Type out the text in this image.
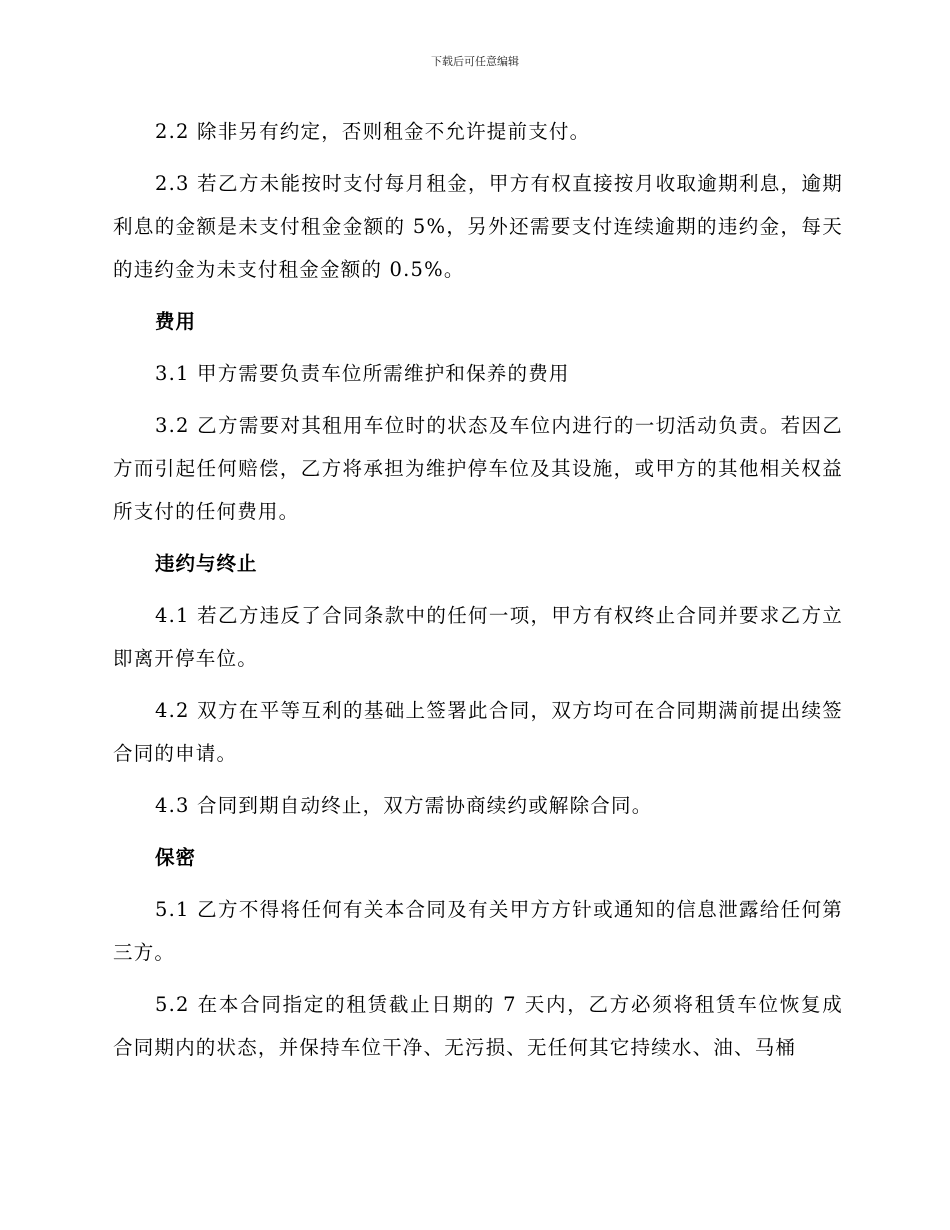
下载后可任意编辑

2.2 除非另有约定，否则租金不允许提前支付。

2.3 若乙方未能按时支付每月租金，甲方有权直接按月收取逾期利息，逾期利息的金额是未支付租金金额的 5%，另外还需要支付连续逾期的违约金，每天的违约金为未支付租金金额的 0.5%。

费用

3.1 甲方需要负责车位所需维护和保养的费用

3.2 乙方需要对其租用车位时的状态及车位内进行的一切活动负责。若因乙方而引起任何赔偿，乙方将承担为维护停车位及其设施，或甲方的其他相关权益所支付的任何费用。

违约与终止

4.1 若乙方违反了合同条款中的任何一项，甲方有权终止合同并要求乙方立即离开停车位。

4.2 双方在平等互利的基础上签署此合同，双方均可在合同期满前提出续签合同的申请。

4.3 合同到期自动终止，双方需协商续约或解除合同。

保密

5.1 乙方不得将任何有关本合同及有关甲方方针或通知的信息泄露给任何第三方。

5.2 在本合同指定的租赁截止日期的 7 天内，乙方必须将租赁车位恢复成合同期内的状态，并保持车位干净、无污损、无任何其它持续水、油、马桶
